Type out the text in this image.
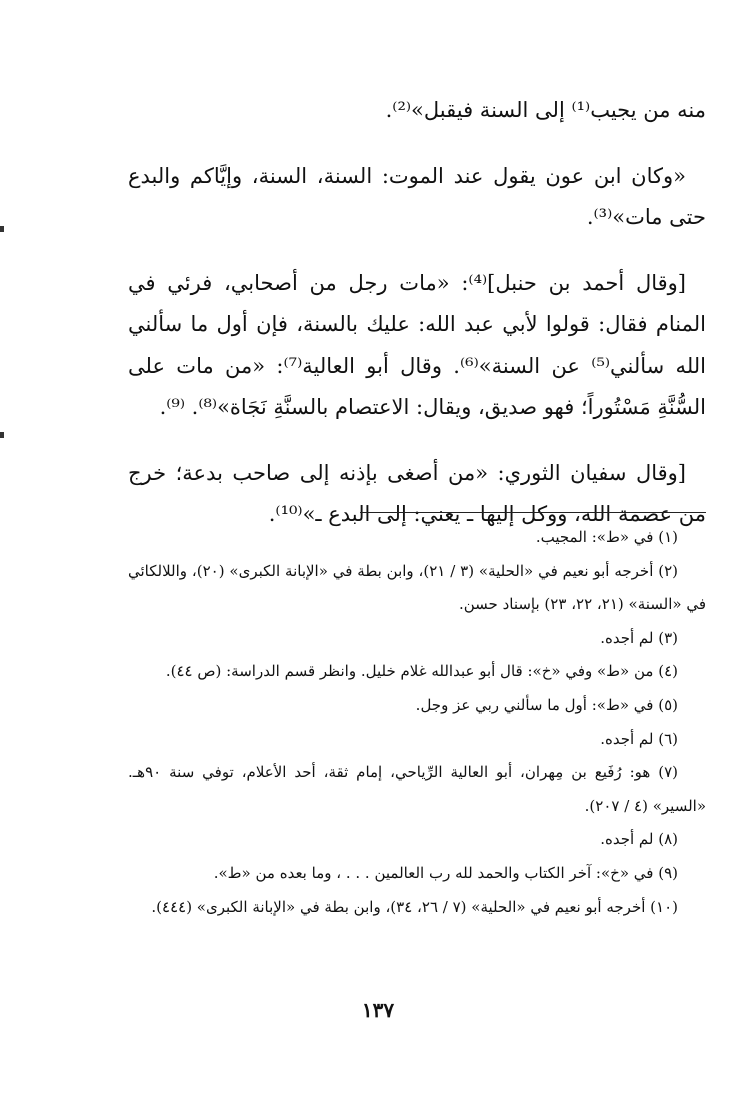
منه من يجيب⁽¹⁾ إلى السنة فيقبل»⁽²⁾.

«وكان ابن عون يقول عند الموت: السنة، السنة، وإيَّاكم والبدع حتى مات»⁽³⁾.

[وقال أحمد بن حنبل]⁽⁴⁾: «مات رجل من أصحابي، فرئي في المنام فقال: قولوا لأبي عبد الله: عليك بالسنة، فإن أول ما سألني الله سألني⁽⁵⁾ عن السنة»⁽⁶⁾. وقال أبو العالية⁽⁷⁾: «من مات على السُّنَّةِ مَسْتُوراً؛ فهو صديق، ويقال: الاعتصام بالسنَّةِ نَجَاة»⁽⁸⁾. ⁽⁹⁾.

[وقال سفيان الثوري: «من أصغى بإذنه إلى صاحب بدعة؛ خرج من عصمة الله، ووكل إليها ـ يعني: إلى البدع ـ»⁽¹⁰⁾.

(١) في «ط»: المجيب.

(٢) أخرجه أبو نعيم في «الحلية» (٣ / ٢١)، وابن بطة في «الإبانة الكبرى» (٢٠)، واللالكائي في «السنة» (٢١، ٢٢، ٢٣) بإسناد حسن.

(٣) لم أجده.

(٤) من «ط» وفي «خ»: قال أبو عبدالله غلام خليل. وانظر قسم الدراسة: (ص ٤٤).

(٥) في «ط»: أول ما سألني ربي عز وجل.

(٦) لم أجده.

(٧) هو: رُفَيع بن مِهران، أبو العالية الرِّياحي، إمام ثقة، أحد الأعلام، توفي سنة ٩٠هـ. «السير» (٤ / ٢٠٧).

(٨) لم أجده.

(٩) في «خ»: آخر الكتاب والحمد لله رب العالمين . . . ، وما بعده من «ط».

(١٠) أخرجه أبو نعيم في «الحلية» (٧ / ٢٦، ٣٤)، وابن بطة في «الإبانة الكبرى» (٤٤٤).

١٣٧
